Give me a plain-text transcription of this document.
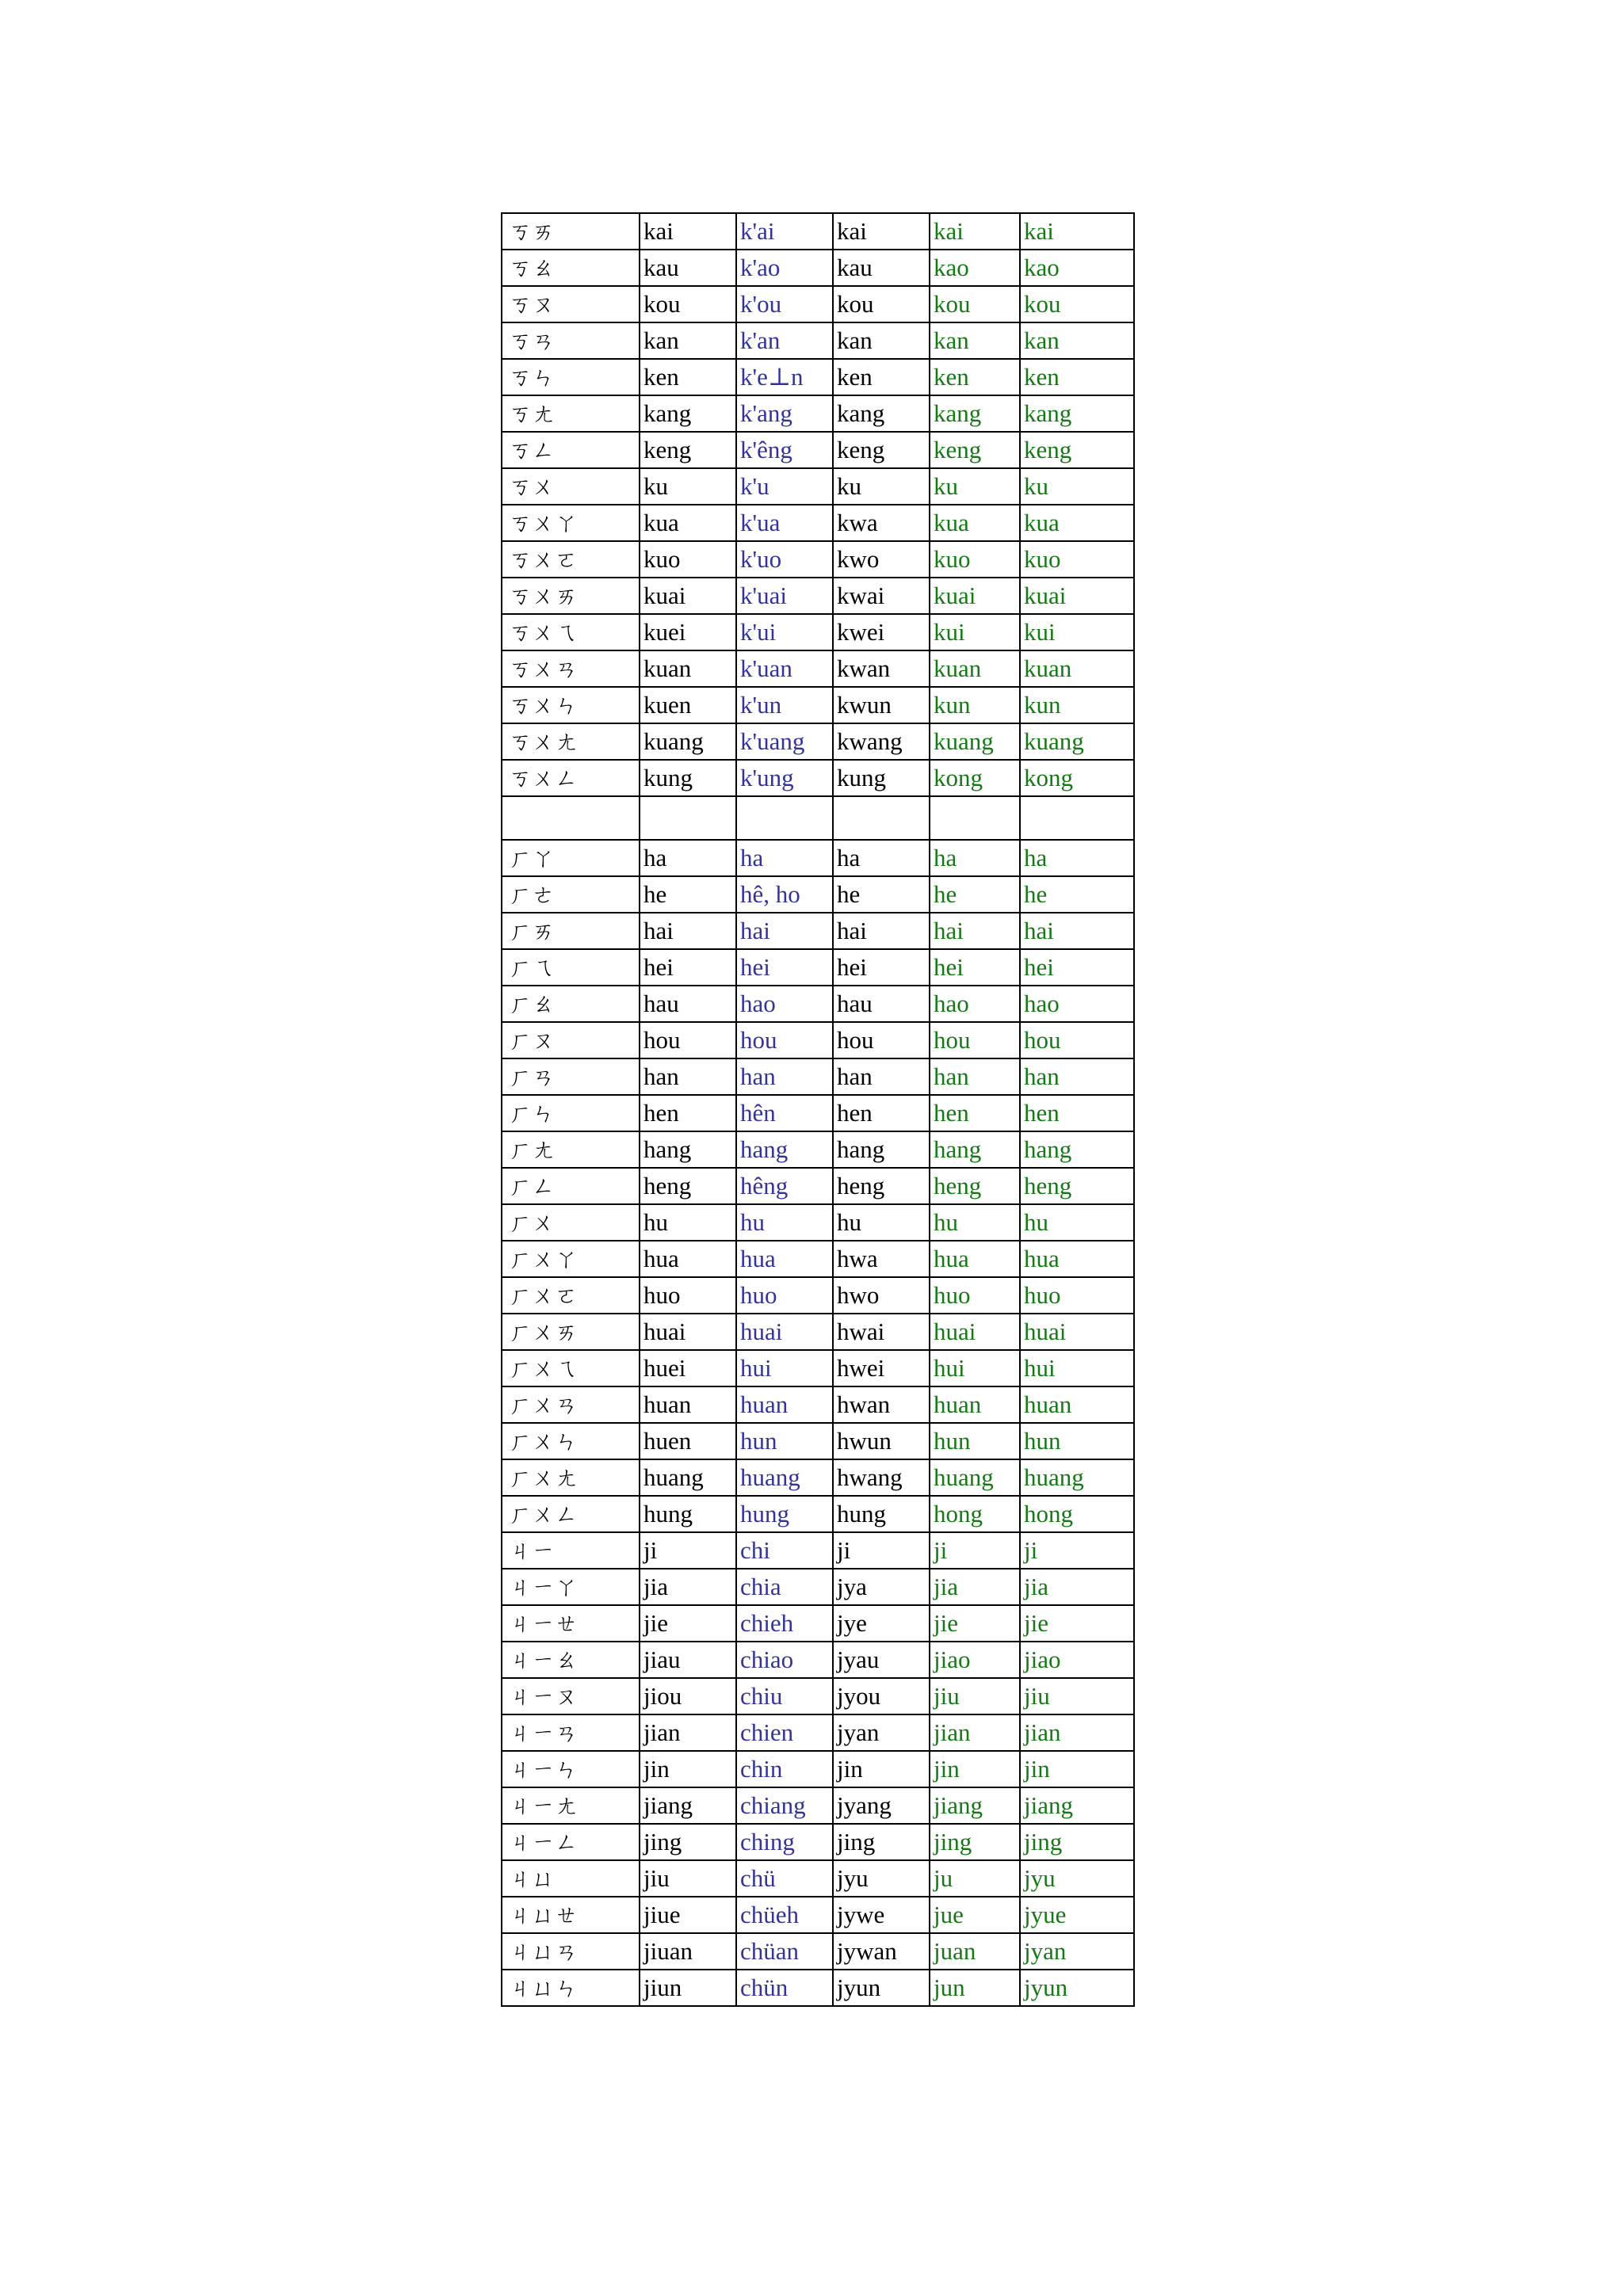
ㄎㄞ	kai	k'ai	kai	kai	kai
ㄎㄠ	kau	k'ao	kau	kao	kao
ㄎㄡ	kou	k'ou	kou	kou	kou
ㄎㄢ	kan	k'an	kan	kan	kan
ㄎㄣ	ken	k'e⊥n	ken	ken	ken
ㄎㄤ	kang	k'ang	kang	kang	kang
ㄎㄥ	keng	k'êng	keng	keng	keng
ㄎㄨ	ku	k'u	ku	ku	ku
ㄎㄨㄚ	kua	k'ua	kwa	kua	kua
ㄎㄨㄛ	kuo	k'uo	kwo	kuo	kuo
ㄎㄨㄞ	kuai	k'uai	kwai	kuai	kuai
ㄎㄨㄟ	kuei	k'ui	kwei	kui	kui
ㄎㄨㄢ	kuan	k'uan	kwan	kuan	kuan
ㄎㄨㄣ	kuen	k'un	kwun	kun	kun
ㄎㄨㄤ	kuang	k'uang	kwang	kuang	kuang
ㄎㄨㄥ	kung	k'ung	kung	kong	kong

ㄏㄚ	ha	ha	ha	ha	ha
ㄏㄜ	he	hê, ho	he	he	he
ㄏㄞ	hai	hai	hai	hai	hai
ㄏㄟ	hei	hei	hei	hei	hei
ㄏㄠ	hau	hao	hau	hao	hao
ㄏㄡ	hou	hou	hou	hou	hou
ㄏㄢ	han	han	han	han	han
ㄏㄣ	hen	hên	hen	hen	hen
ㄏㄤ	hang	hang	hang	hang	hang
ㄏㄥ	heng	hêng	heng	heng	heng
ㄏㄨ	hu	hu	hu	hu	hu
ㄏㄨㄚ	hua	hua	hwa	hua	hua
ㄏㄨㄛ	huo	huo	hwo	huo	huo
ㄏㄨㄞ	huai	huai	hwai	huai	huai
ㄏㄨㄟ	huei	hui	hwei	hui	hui
ㄏㄨㄢ	huan	huan	hwan	huan	huan
ㄏㄨㄣ	huen	hun	hwun	hun	hun
ㄏㄨㄤ	huang	huang	hwang	huang	huang
ㄏㄨㄥ	hung	hung	hung	hong	hong
ㄐㄧ	ji	chi	ji	ji	ji
ㄐㄧㄚ	jia	chia	jya	jia	jia
ㄐㄧㄝ	jie	chieh	jye	jie	jie
ㄐㄧㄠ	jiau	chiao	jyau	jiao	jiao
ㄐㄧㄡ	jiou	chiu	jyou	jiu	jiu
ㄐㄧㄢ	jian	chien	jyan	jian	jian
ㄐㄧㄣ	jin	chin	jin	jin	jin
ㄐㄧㄤ	jiang	chiang	jyang	jiang	jiang
ㄐㄧㄥ	jing	ching	jing	jing	jing
ㄐㄩ	jiu	chü	jyu	ju	jyu
ㄐㄩㄝ	jiue	chüeh	jywe	jue	jyue
ㄐㄩㄢ	jiuan	chüan	jywan	juan	jyan
ㄐㄩㄣ	jiun	chün	jyun	jun	jyun
